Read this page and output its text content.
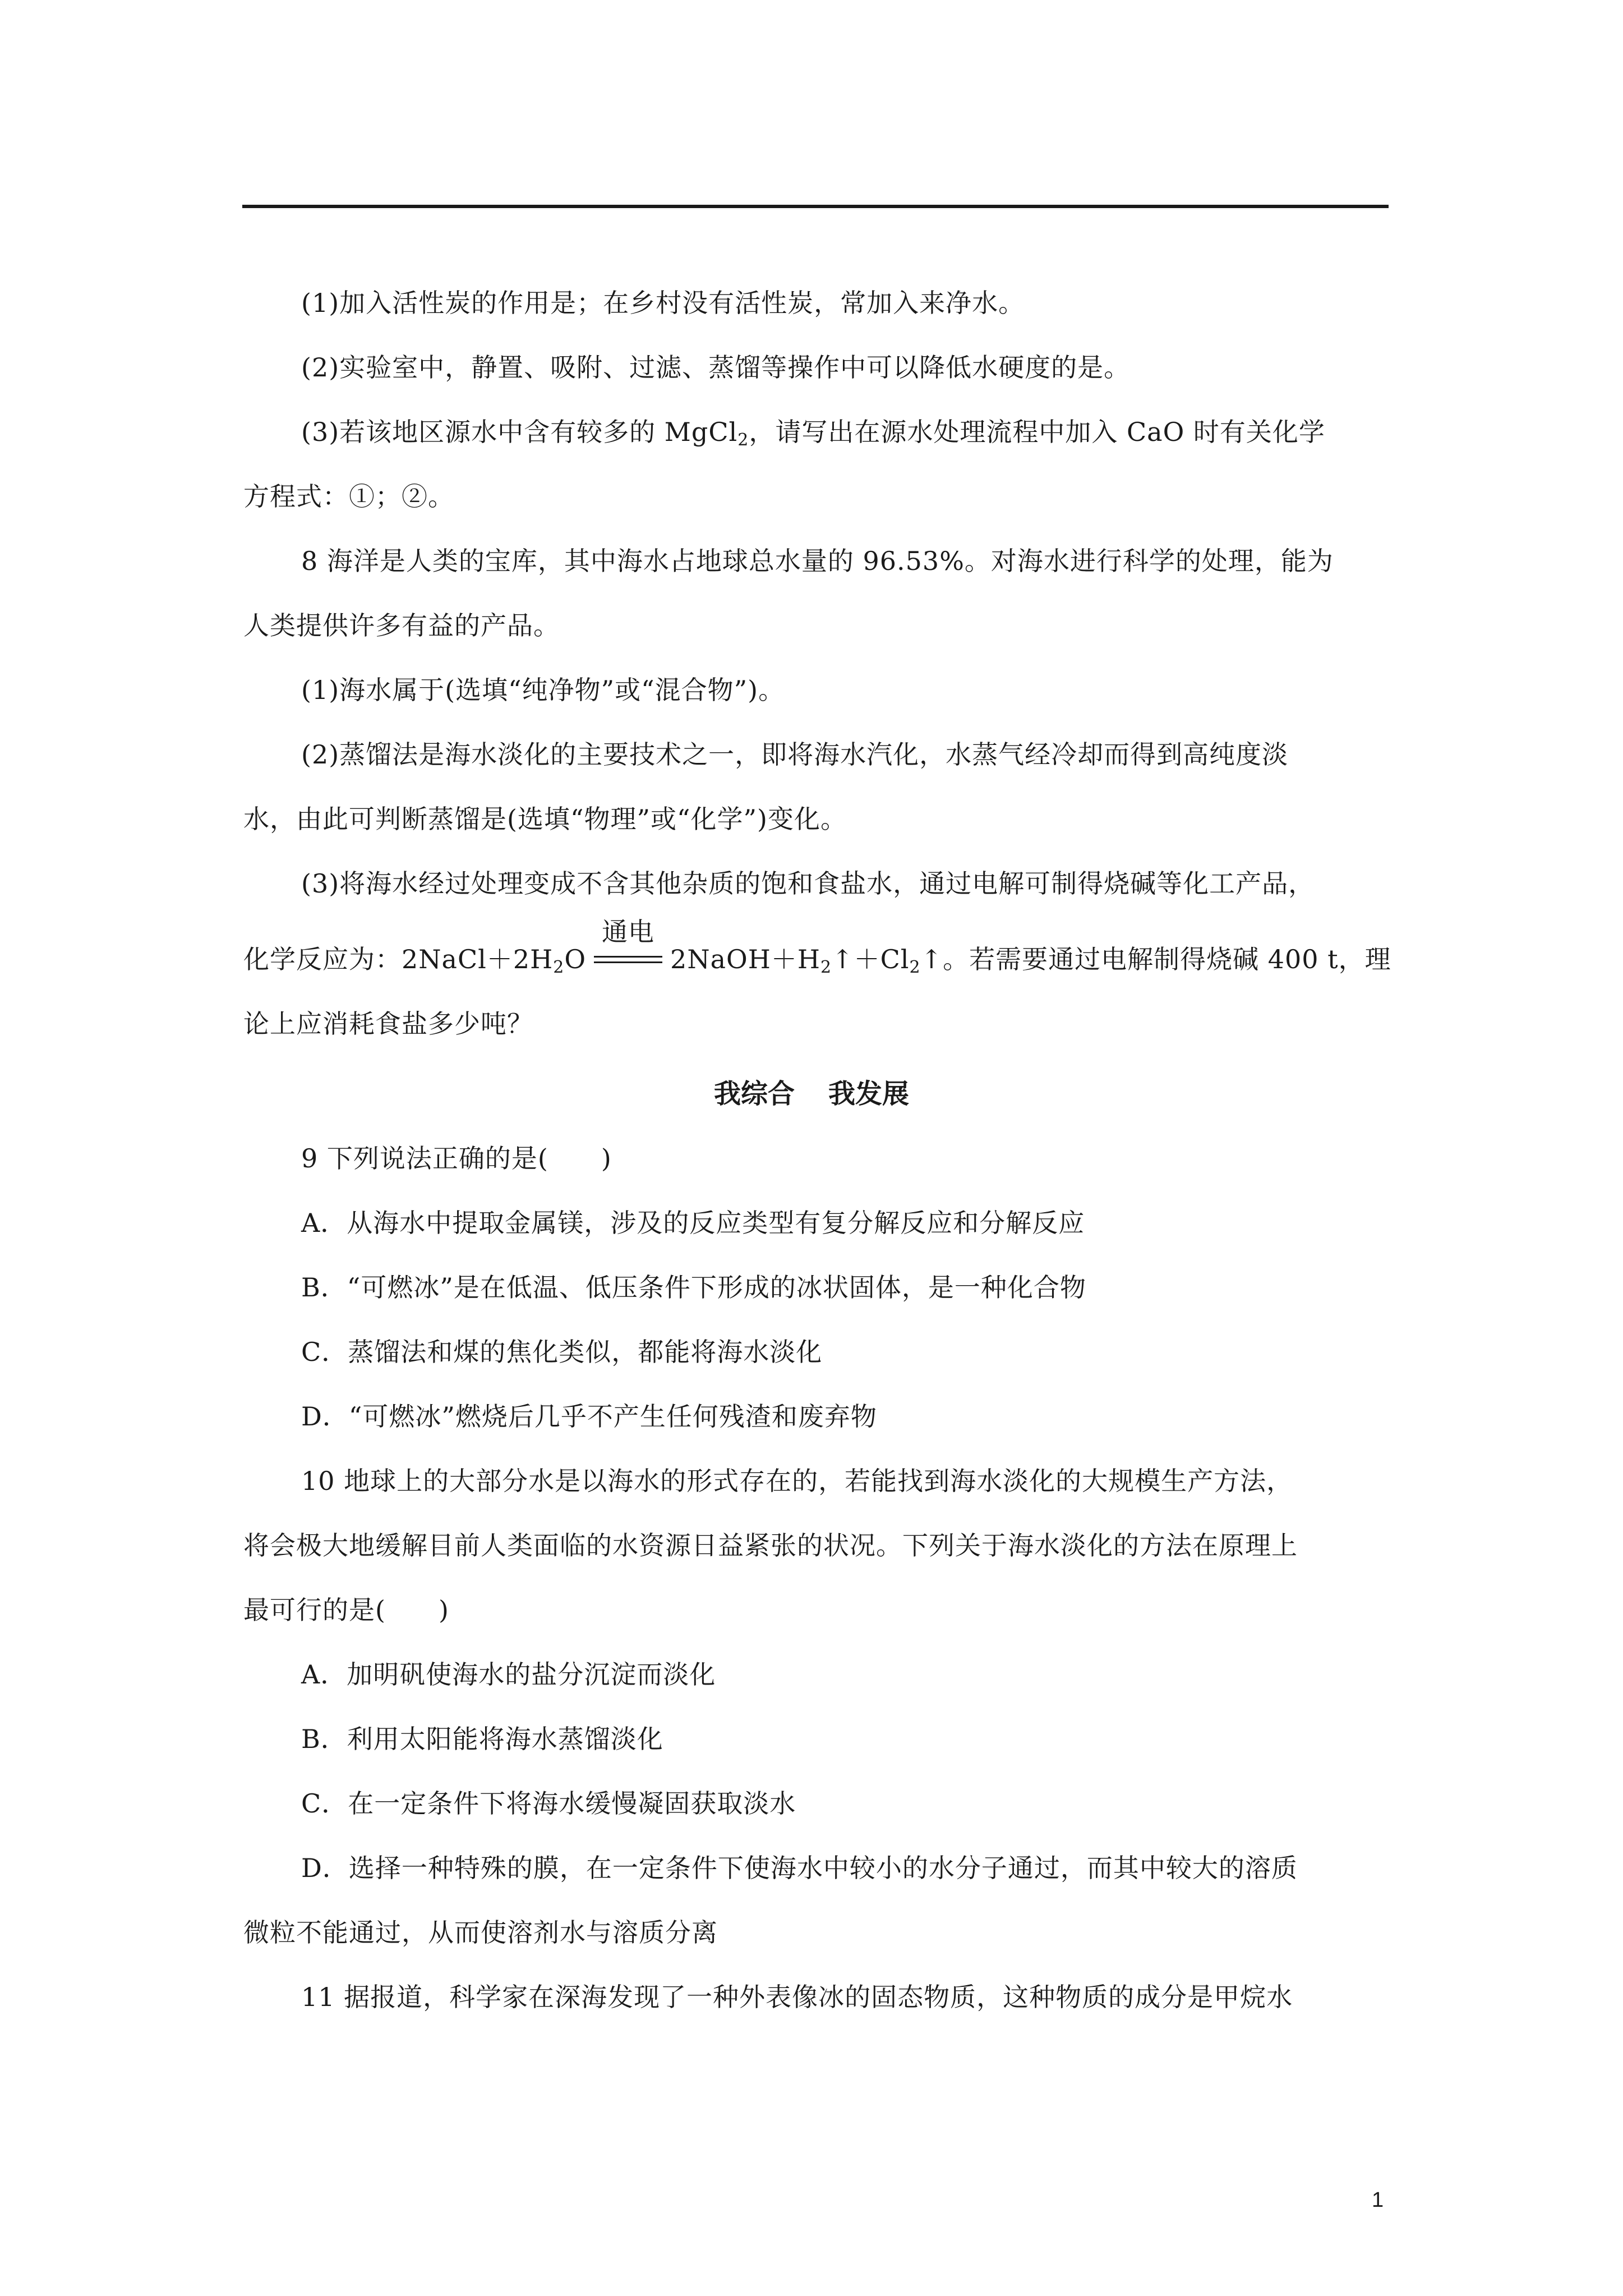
(1)加入活性炭的作用是；在乡村没有活性炭，常加入来净水。
(2)实验室中，静置、吸附、过滤、蒸馏等操作中可以降低水硬度的是。
(3)若该地区源水中含有较多的 MgCl$_2$，请写出在源水处理流程中加入 CaO 时有关化学
方程式：①；②。
8 海洋是人类的宝库，其中海水占地球总水量的 96.53%。对海水进行科学的处理，能为
人类提供许多有益的产品。
(1)海水属于(选填“纯净物”或“混合物”)。
(2)蒸馏法是海水淡化的主要技术之一，即将海水汽化，水蒸气经冷却而得到高纯度淡
水，由此可判断蒸馏是(选填“物理”或“化学”)变化。
(3)将海水经过处理变成不含其他杂质的饱和食盐水，通过电解可制得烧碱等化工产品，
化学反应为：$2NaCl+2H_2O$
通电
$2NaOH+H_2↑+Cl_2↑$。若需要通过电解制得烧碱 400 t，理
论上应消耗食盐多少吨？
我综合 我发展
9 下列说法正确的是(　　)
A．从海水中提取金属镁，涉及的反应类型有复分解反应和分解反应
B．“可燃冰”是在低温、低压条件下形成的冰状固体，是一种化合物
C．蒸馏法和煤的焦化类似，都能将海水淡化
D．“可燃冰”燃烧后几乎不产生任何残渣和废弃物
10 地球上的大部分水是以海水的形式存在的，若能找到海水淡化的大规模生产方法，
将会极大地缓解目前人类面临的水资源日益紧张的状况。下列关于海水淡化的方法在原理上
最可行的是(　　)
A．加明矾使海水的盐分沉淀而淡化
B．利用太阳能将海水蒸馏淡化
C．在一定条件下将海水缓慢凝固获取淡水
D．选择一种特殊的膜，在一定条件下使海水中较小的水分子通过，而其中较大的溶质
微粒不能通过，从而使溶剂水与溶质分离
11 据报道，科学家在深海发现了一种外表像冰的固态物质，这种物质的成分是甲烷水
1
